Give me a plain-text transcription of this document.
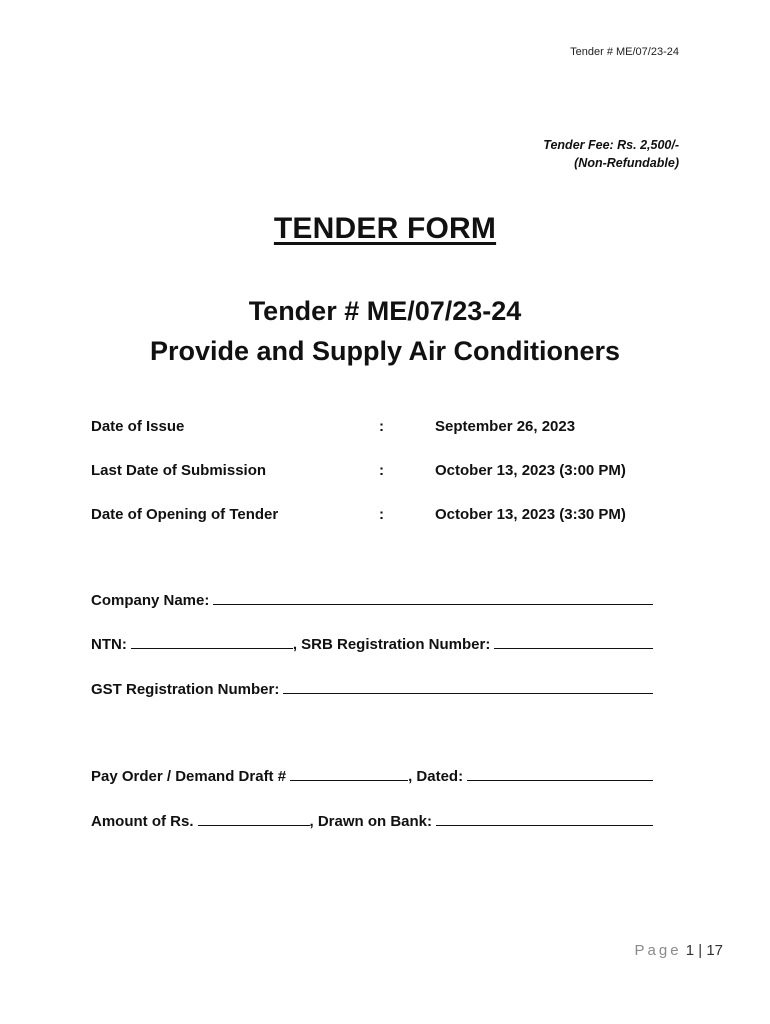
Tender # ME/07/23-24
Tender Fee: Rs. 2,500/-
(Non-Refundable)
TENDER FORM
Tender # ME/07/23-24
Provide and Supply Air Conditioners
Date of Issue	:	September 26, 2023
Last Date of Submission	:	October 13, 2023 (3:00 PM)
Date of Opening of Tender	:	October 13, 2023 (3:30 PM)
Company Name:
NTN:	, SRB Registration Number:
GST Registration Number:
Pay Order / Demand Draft #	, Dated:
Amount of Rs.	, Drawn on Bank:
Page 1 | 17
